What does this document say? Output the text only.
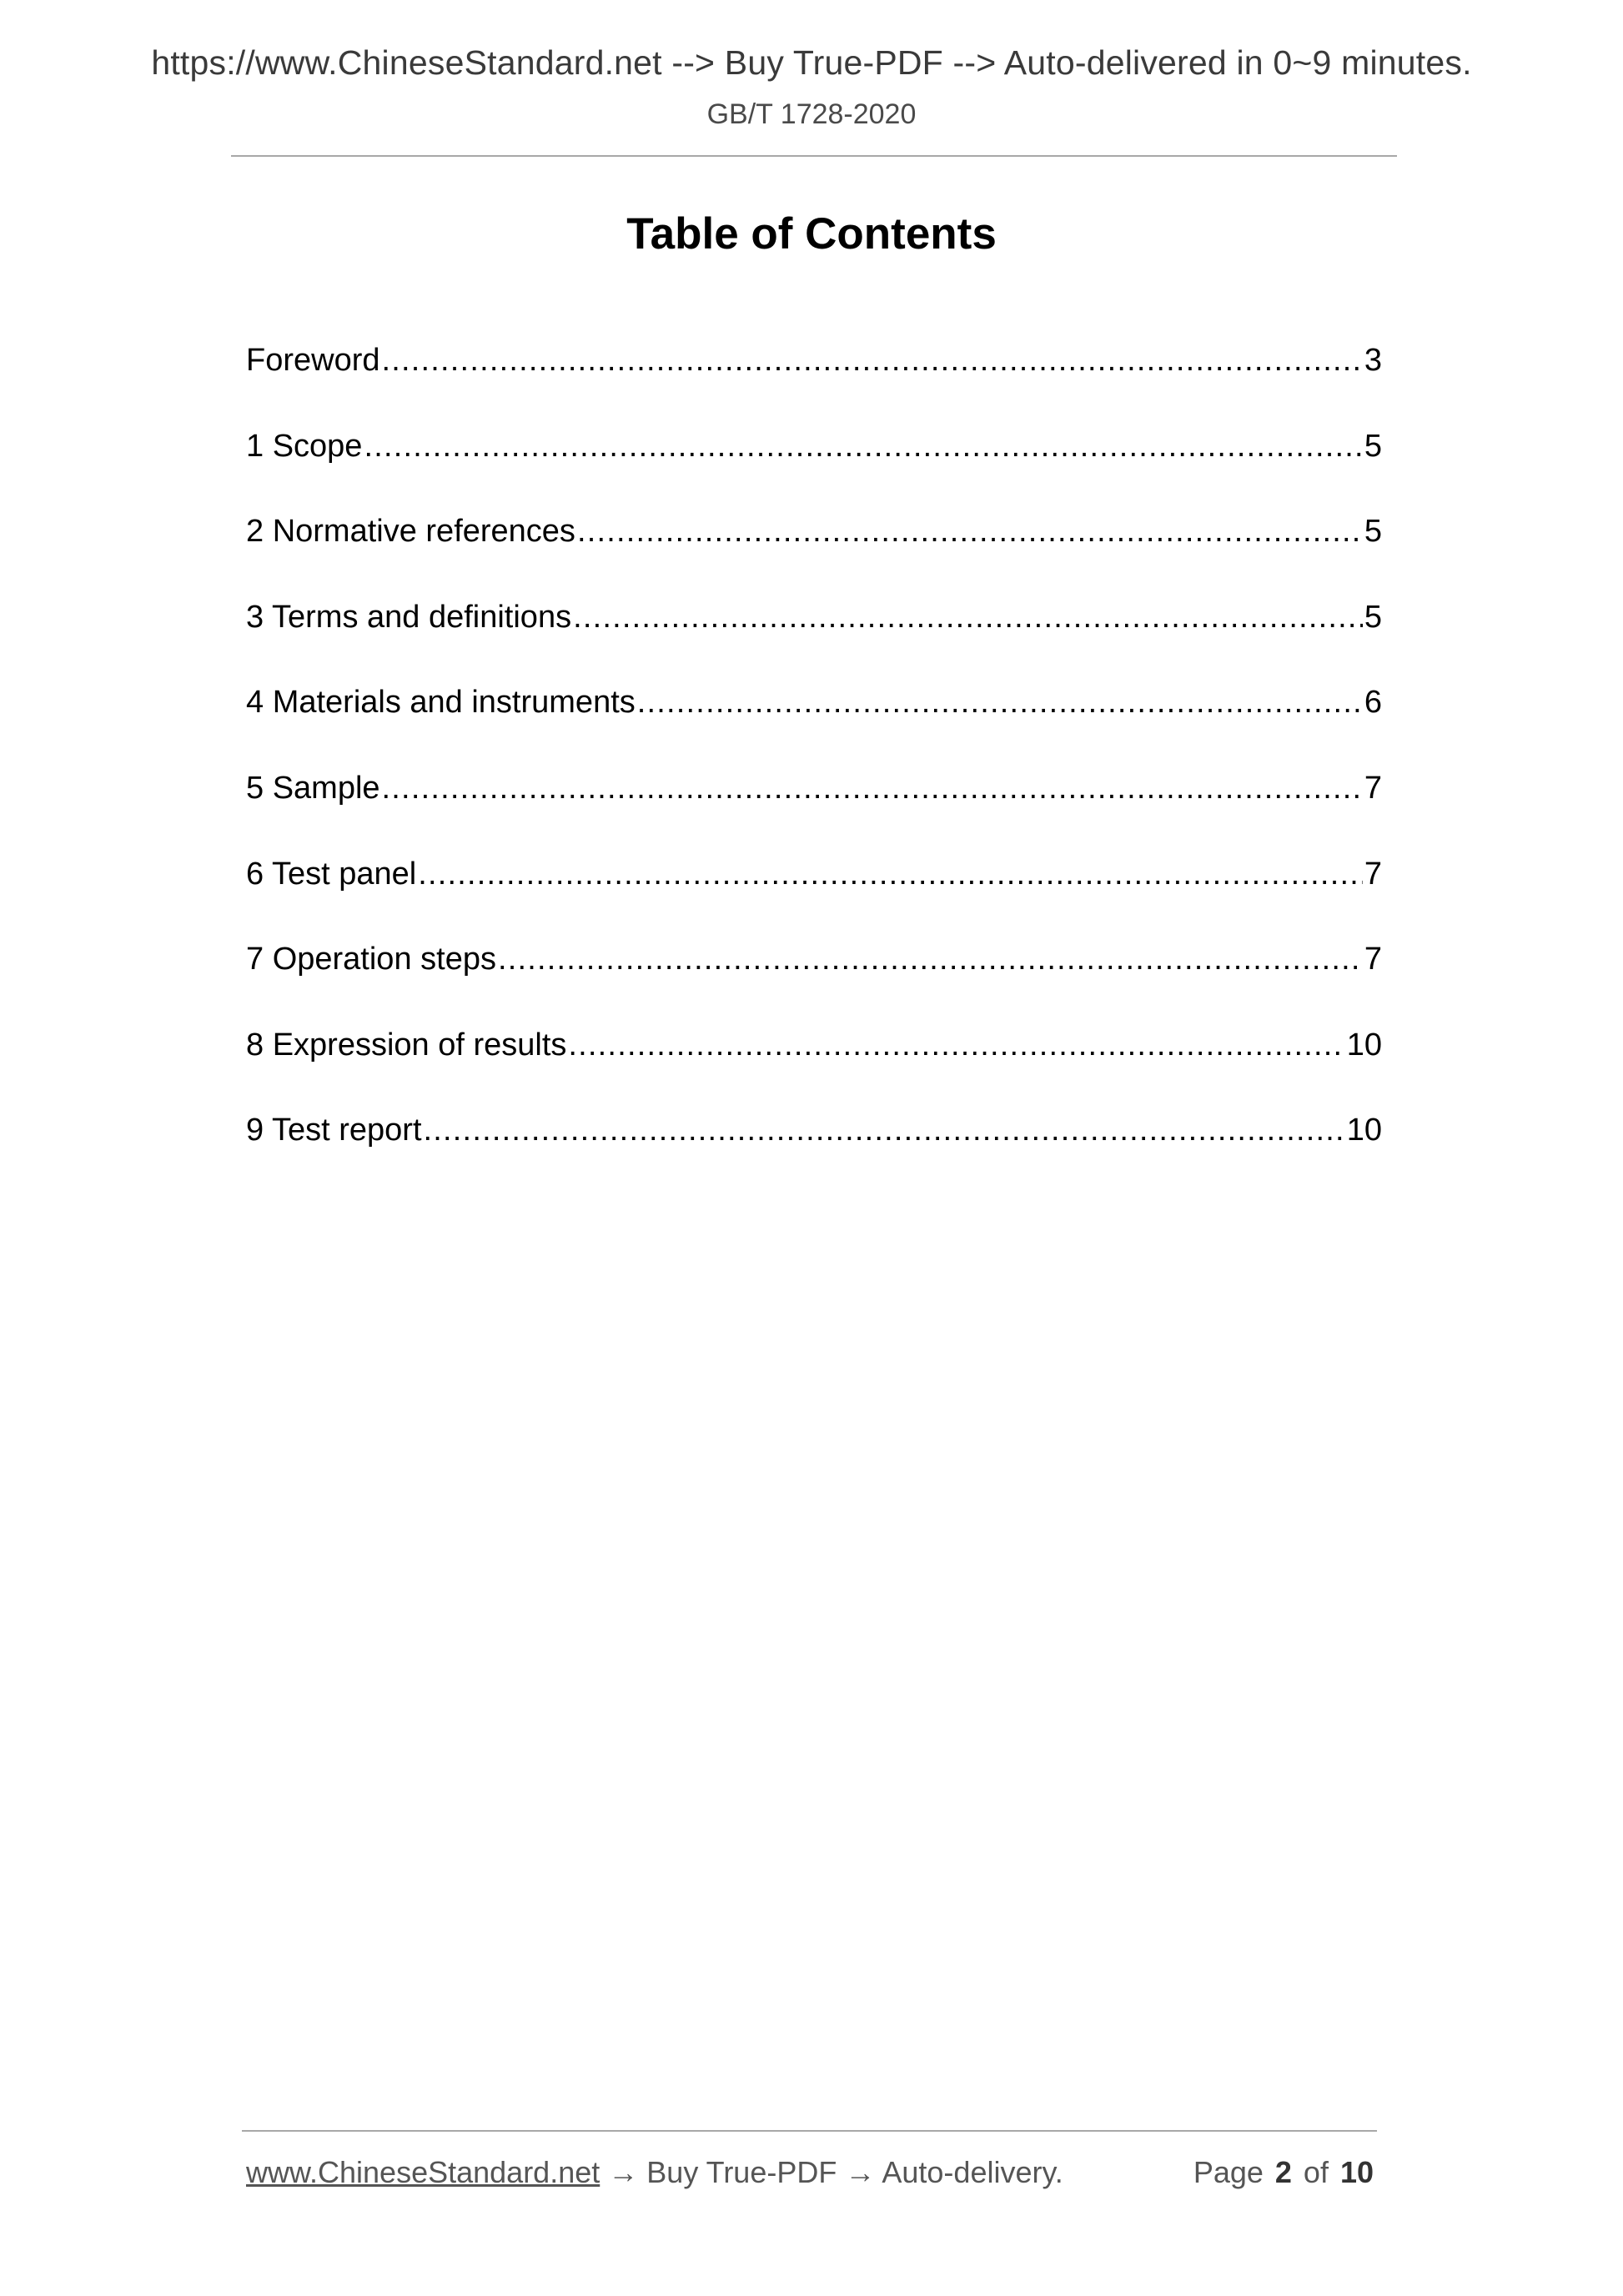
https://www.ChineseStandard.net --> Buy True-PDF --> Auto-delivered in 0~9 minutes.
GB/T 1728-2020
Table of Contents
Foreword .....	3
1 Scope .....	5
2 Normative references .....	5
3 Terms and definitions .....	5
4 Materials and instruments .....	6
5 Sample .....	7
6 Test panel .....	7
7 Operation steps .....	7
8 Expression of results .....	10
9 Test report .....	10
www.ChineseStandard.net → Buy True-PDF → Auto-delivery.	Page 2 of 10
